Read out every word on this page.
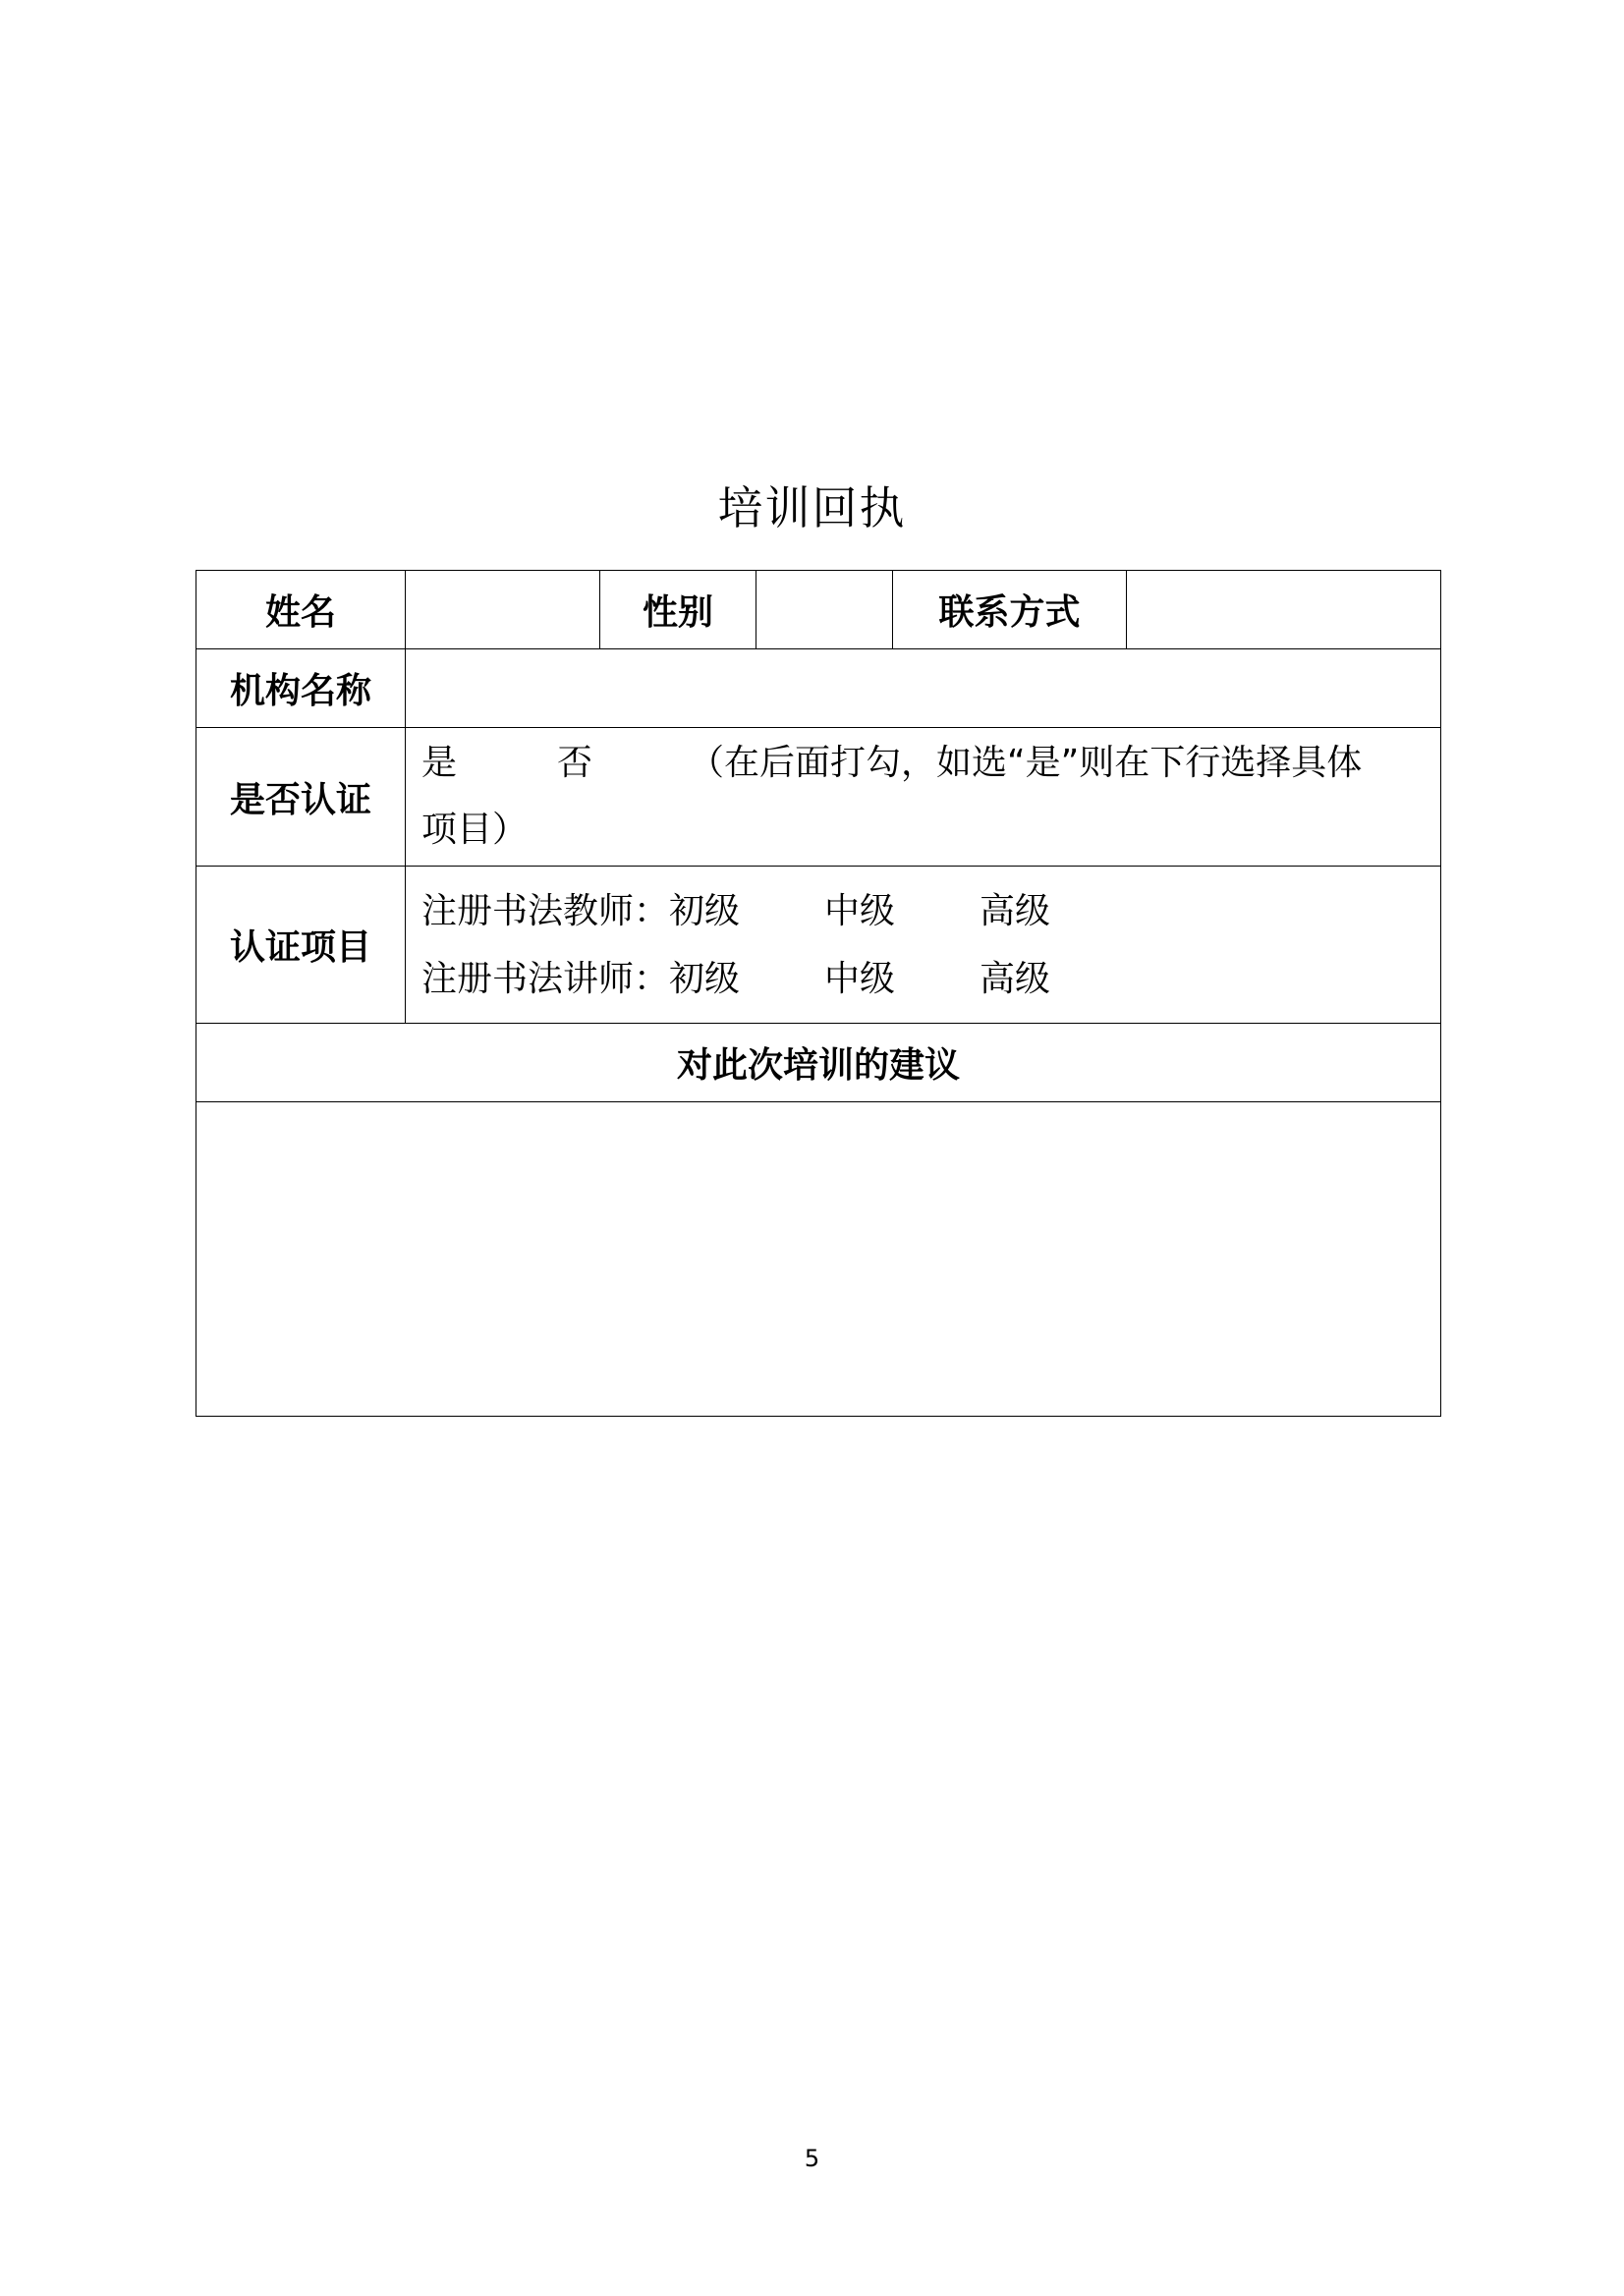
培训回执
姓名		性别		联系方式	
机构名称					
是否认证	是 否 （在后面打勾，如选“是”则在下行选择具体
项目）				

认证项目	注册书法教师：初级 中级 高级
注册书法讲师：初级 中级 高级				

对此次培训的建议					

5
